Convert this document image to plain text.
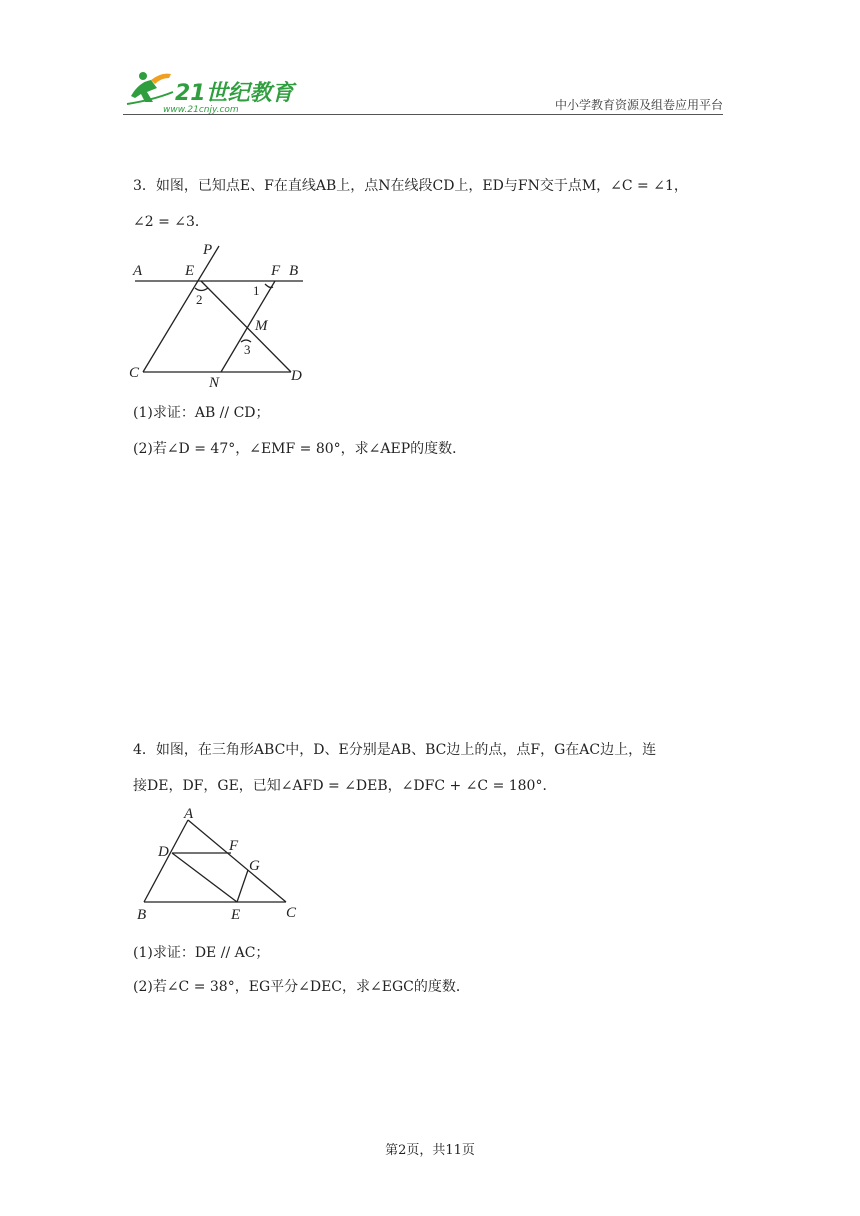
21世纪教育
www.21cnjy.com	中小学教育资源及组卷应用平台
3．如图，已知点E、F在直线AB上，点N在线段CD上，ED与FN交于点M，∠C = ∠1，
∠2 = ∠3．
P
A	E	F B
2
1
M
3
C
N	D
(1)求证：AB // CD；
(2)若∠D = 47°，∠EMF = 80°，求∠AEP的度数．
4．如图，在三角形ABC中，D、E分别是AB、BC边上的点，点F，G在AC边上，连
接DE，DF，GE，已知∠AFD = ∠DEB，∠DFC + ∠C = 180°．
A
D	F
G
B	E	C
(1)求证：DE // AC；
(2)若∠C = 38°，EG平分∠DEC，求∠EGC的度数．
第2页，共11页
